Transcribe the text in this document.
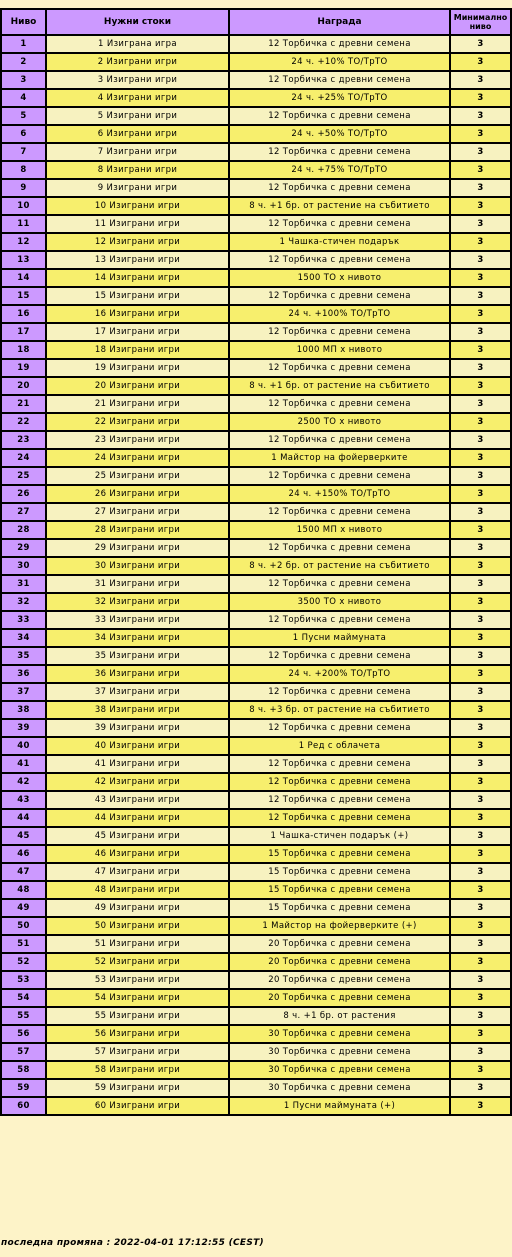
Ниво	Нужни стоки	Награда	Минимално
ниво
1	1 Изиграна игра	12 Торбичка с древни семена	3
2	2 Изиграни игри	24 ч. +10% ТО/ТрТО	3
3	3 Изиграни игри	12 Торбичка с древни семена	3
4	4 Изиграни игри	24 ч. +25% ТО/ТрТО	3
5	5 Изиграни игри	12 Торбичка с древни семена	3
6	6 Изиграни игри	24 ч. +50% ТО/ТрТО	3
7	7 Изиграни игри	12 Торбичка с древни семена	3
8	8 Изиграни игри	24 ч. +75% ТО/ТрТО	3
9	9 Изиграни игри	12 Торбичка с древни семена	3
10	10 Изиграни игри	8 ч. +1 бр. от растение на събитието	3
11	11 Изиграни игри	12 Торбичка с древни семена	3
12	12 Изиграни игри	1 Чашка-стичен подарък	3
13	13 Изиграни игри	12 Торбичка с древни семена	3
14	14 Изиграни игри	1500 ТО х нивото	3
15	15 Изиграни игри	12 Торбичка с древни семена	3
16	16 Изиграни игри	24 ч. +100% ТО/ТрТО	3
17	17 Изиграни игри	12 Торбичка с древни семена	3
18	18 Изиграни игри	1000 МП х нивото	3
19	19 Изиграни игри	12 Торбичка с древни семена	3
20	20 Изиграни игри	8 ч. +1 бр. от растение на събитието	3
21	21 Изиграни игри	12 Торбичка с древни семена	3
22	22 Изиграни игри	2500 ТО х нивото	3
23	23 Изиграни игри	12 Торбичка с древни семена	3
24	24 Изиграни игри	1 Майстор на фойерверките	3
25	25 Изиграни игри	12 Торбичка с древни семена	3
26	26 Изиграни игри	24 ч. +150% ТО/ТрТО	3
27	27 Изиграни игри	12 Торбичка с древни семена	3
28	28 Изиграни игри	1500 МП х нивото	3
29	29 Изиграни игри	12 Торбичка с древни семена	3
30	30 Изиграни игри	8 ч. +2 бр. от растение на събитието	3
31	31 Изиграни игри	12 Торбичка с древни семена	3
32	32 Изиграни игри	3500 ТО х нивото	3
33	33 Изиграни игри	12 Торбичка с древни семена	3
34	34 Изиграни игри	1 Пусни маймуната	3
35	35 Изиграни игри	12 Торбичка с древни семена	3
36	36 Изиграни игри	24 ч. +200% ТО/ТрТО	3
37	37 Изиграни игри	12 Торбичка с древни семена	3
38	38 Изиграни игри	8 ч. +3 бр. от растение на събитието	3
39	39 Изиграни игри	12 Торбичка с древни семена	3
40	40 Изиграни игри	1 Ред с облачета	3
41	41 Изиграни игри	12 Торбичка с древни семена	3
42	42 Изиграни игри	12 Торбичка с древни семена	3
43	43 Изиграни игри	12 Торбичка с древни семена	3
44	44 Изиграни игри	12 Торбичка с древни семена	3
45	45 Изиграни игри	1 Чашка-стичен подарък (+)	3
46	46 Изиграни игри	15 Торбичка с древни семена	3
47	47 Изиграни игри	15 Торбичка с древни семена	3
48	48 Изиграни игри	15 Торбичка с древни семена	3
49	49 Изиграни игри	15 Торбичка с древни семена	3
50	50 Изиграни игри	1 Майстор на фойерверките (+)	3
51	51 Изиграни игри	20 Торбичка с древни семена	3
52	52 Изиграни игри	20 Торбичка с древни семена	3
53	53 Изиграни игри	20 Торбичка с древни семена	3
54	54 Изиграни игри	20 Торбичка с древни семена	3
55	55 Изиграни игри	8 ч. +1 бр. от растения	3
56	56 Изиграни игри	30 Торбичка с древни семена	3
57	57 Изиграни игри	30 Торбичка с древни семена	3
58	58 Изиграни игри	30 Торбичка с древни семена	3
59	59 Изиграни игри	30 Торбичка с древни семена	3
60	60 Изиграни игри	1 Пусни маймуната (+)	3
последна промяна : 2022-04-01 17:12:55 (CEST)
